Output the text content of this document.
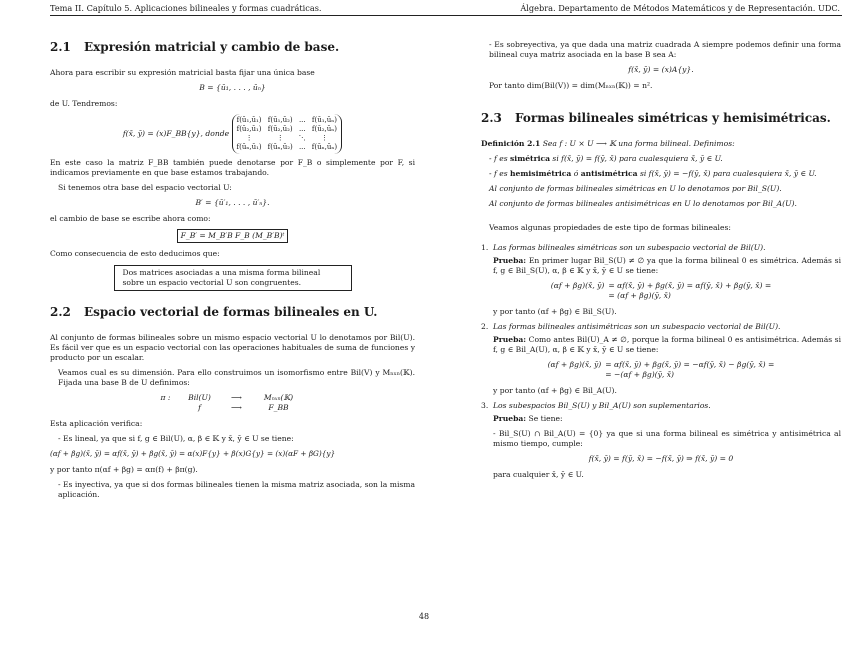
Tema II. Capítulo 5. Aplicaciones bilineales y formas cuadráticas.	Álgebra. Departamento de Métodos Matemáticos y de Representación. UDC.
2.1 Expresión matricial y cambio de base.

Ahora para escribir su expresión matricial basta fijar una única base

B = {ū₁, . . . , ūₙ}

de U. Tendremos:

f(x̄, ȳ) = (x)F_BB{y}, donde
f(ū₁,ū₁) f(ū₁,ū₂) ... f(ū₁,ūₙ)
f(ū₂,ū₁) f(ū₂,ū₂) ... f(ū₂,ūₙ)
⋮	⋮	⋱	⋮
f(ūₙ,ū₁) f(ūₙ,ū₂) ... f(ūₙ,ūₙ)

En este caso la matriz F_BB también puede denotarse por F_B o simplemente por F, si indicamos previamente en que base estamos trabajando.

Si tenemos otra base del espacio vectorial U:

B′ = {ū′₁, . . . , ū′ₙ}.

el cambio de base se escribe ahora como:

F_B′ = M_B′B F_B (M_B′B)ᵗ

Como consecuencia de esto deducimos que:

Dos matrices asociadas a una misma forma bilineal sobre un espacio vectorial U son congruentes.
2.2 Espacio vectorial de formas bilineales en U.

Al conjunto de formas bilineales sobre un mismo espacio vectorial U lo denotamos por Bil(U). Es fácil ver que es un espacio vectorial con las operaciones habituales de suma de funciones y producto por un escalar.

Veamos cual es su dimensión. Para ello construimos un isomorfismo entre Bil(V) y Mₙₓₙ(𝕂). Fijada una base B de U definimos:

π :	Bil(U)	⟶	Mₙₓₙ(𝕂)
f	⟶	F_BB

Esta aplicación verifica:

- Es lineal, ya que si f, g ∈ Bil(U), α, β ∈ 𝕂 y x̄, ȳ ∈ U se tiene:

(αf + βg)(x̄, ȳ) = αf(x̄, ȳ) + βg(x̄, ȳ) = α(x)F{y} + β(x)G{y} = (x)(αF + βG){y}

y por tanto π(αf + βg) = απ(f) + βπ(g).

- Es inyectiva, ya que si dos formas bilineales tienen la misma matriz asociada, son la misma aplicación.

- Es sobreyectiva, ya que dada una matriz cuadrada A siempre podemos definir una forma bilineal cuya matriz asociada en la base B sea A:

f(x̄, ȳ) = (x)A{y}.

Por tanto dim(Bil(V)) = dim(Mₙₓₙ(𝕂)) = n².

2.3 Formas bilineales simétricas y hemisimétricas.

Definición 2.1 Sea f : U × U ⟶ 𝕂 una forma bilineal. Definimos:

- f es simétrica si f(x̄, ȳ) = f(ȳ, x̄) para cualesquiera x̄, ȳ ∈ U.

- f es hemisimétrica ó antisimétrica si f(x̄, ȳ) = −f(ȳ, x̄) para cualesquiera x̄, ȳ ∈ U.

Al conjunto de formas bilineales simétricas en U lo denotamos por Bil_S(U).

Al conjunto de formas bilineales antisimétricas en U lo denotamos por Bil_A(U).

Veamos algunas propiedades de este tipo de formas bilineales:

1. Las formas bilineales simétricas son un subespacio vectorial de Bil(U).

Prueba: En primer lugar Bil_S(U) ≠ ∅ ya que la forma bilineal 0 es simétrica. Además si f, g ∈ Bil_S(U), α, β ∈ 𝕂 y x̄, ȳ ∈ U se tiene:

(αf + βg)(x̄, ȳ) = αf(x̄, ȳ) + βg(x̄, ȳ) = αf(ȳ, x̄) + βg(ȳ, x̄) =
= (αf + βg)(ȳ, x̄)

y por tanto (αf + βg) ∈ Bil_S(U).

2. Las formas bilineales antisimétricas son un subespacio vectorial de Bil(U).

Prueba: Como antes Bil(U)_A ≠ ∅, porque la forma bilineal 0 es antisimétrica. Además si f, g ∈ Bil_A(U), α, β ∈ 𝕂 y x̄, ȳ ∈ U se tiene:

(αf + βg)(x̄, ȳ) = αf(x̄, ȳ) + βg(x̄, ȳ) = −αf(ȳ, x̄) − βg(ȳ, x̄) =
= −(αf + βg)(ȳ, x̄)

y por tanto (αf + βg) ∈ Bil_A(U).

3. Los subespacios Bil_S(U) y Bil_A(U) son suplementarios.

Prueba: Se tiene:

- Bil_S(U) ∩ Bil_A(U) = {0} ya que si una forma bilineal es simétrica y antisimétrica al mismo tiempo, cumple:

f(x̄, ȳ) = f(ȳ, x̄) = −f(x̄, ȳ) ⇒ f(x̄, ȳ) = 0

para cualquier x̄, ȳ ∈ U.

48
